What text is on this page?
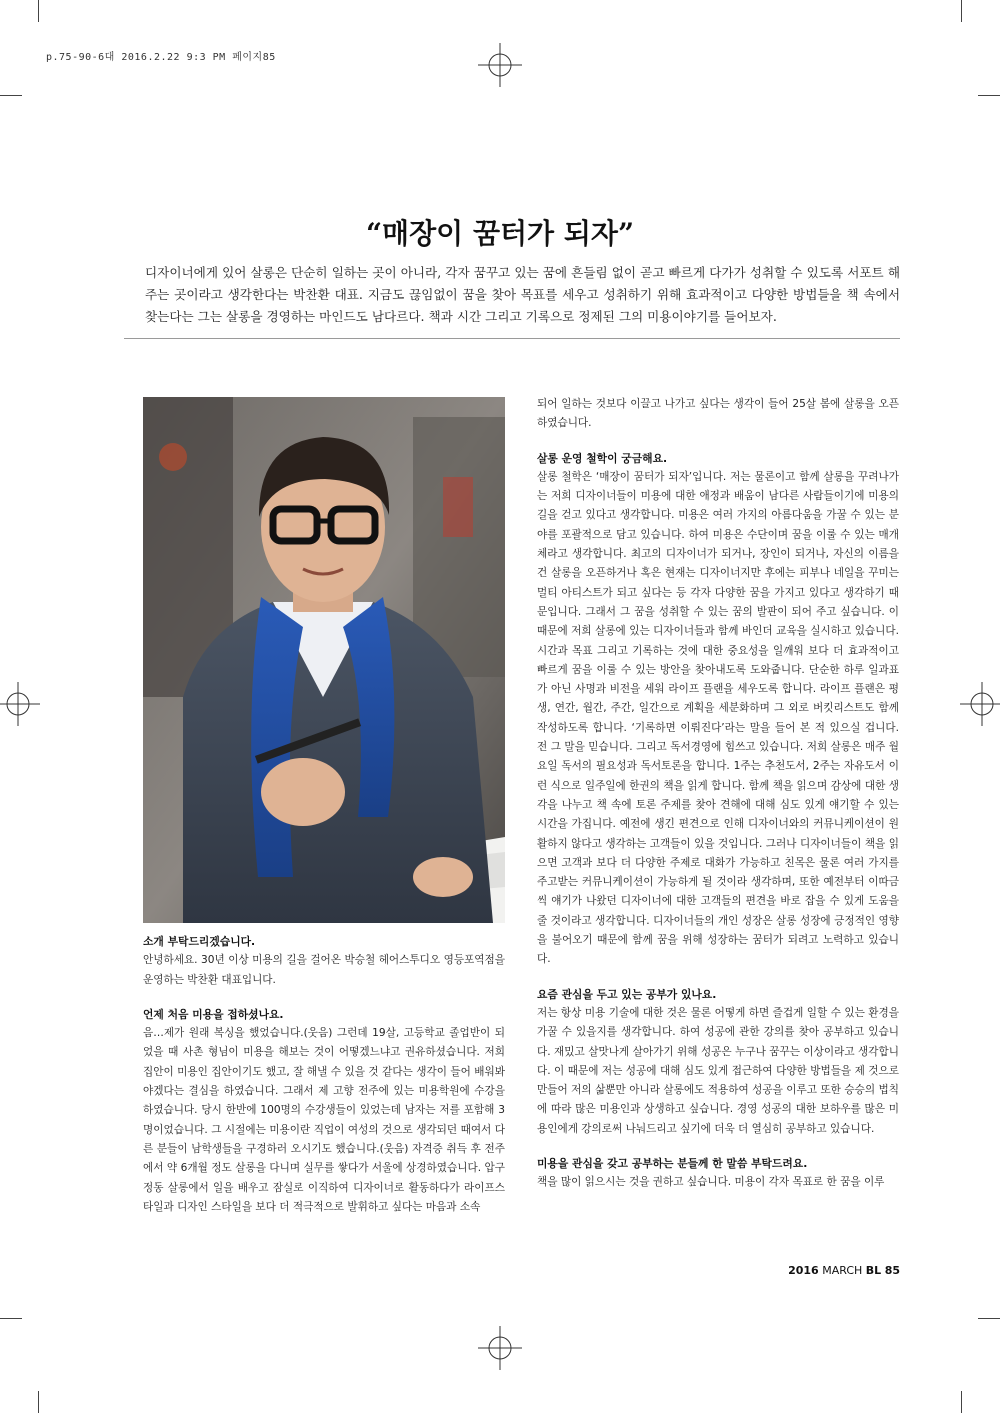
p.75-90-6대 2016.2.22 9:3 PM 페이지85
“매장이 꿈터가 되자”
디자이너에게 있어 살롱은 단순히 일하는 곳이 아니라, 각자 꿈꾸고 있는 꿈에 흔들림 없이 곧고 빠르게 다가가 성취할 수 있도록 서포트 해주는 곳이라고 생각한다는 박찬환 대표. 지금도 끊임없이 꿈을 찾아 목표를 세우고 성취하기 위해 효과적이고 다양한 방법들을 책 속에서 찾는다는 그는 살롱을 경영하는 마인드도 남다르다. 책과 시간 그리고 기록으로 정제된 그의 미용이야기를 들어보자.
소개 부탁드리겠습니다.

안녕하세요. 30년 이상 미용의 길을 걸어온 박승철 헤어스투디오 영등포역점을 운영하는 박찬환 대표입니다.

언제 처음 미용을 접하셨나요.

음…제가 원래 복싱을 했었습니다.(웃음) 그런데 19살, 고등학교 졸업반이 되었을 때 사촌 형님이 미용을 해보는 것이 어떻겠느냐고 권유하셨습니다. 저희 집안이 미용인 집안이기도 했고, 잘 해낼 수 있을 것 같다는 생각이 들어 배워봐야겠다는 결심을 하였습니다. 그래서 제 고향 전주에 있는 미용학원에 수강을 하였습니다. 당시 한반에 100명의 수강생들이 있었는데 남자는 저를 포함해 3명이었습니다. 그 시절에는 미용이란 직업이 여성의 것으로 생각되던 때여서 다른 분들이 남학생들을 구경하러 오시기도 했습니다.(웃음) 자격증 취득 후 전주에서 약 6개월 정도 살롱을 다니며 실무를 쌓다가 서울에 상경하였습니다. 압구정동 살롱에서 일을 배우고 잠실로 이직하여 디자이너로 활동하다가 라이프스타일과 디자인 스타일을 보다 더 적극적으로 발휘하고 싶다는 마음과 소속

되어 일하는 것보다 이끌고 나가고 싶다는 생각이 들어 25살 봄에 살롱을 오픈하였습니다.

살롱 운영 철학이 궁금해요.

살롱 철학은 ‘매장이 꿈터가 되자’입니다. 저는 물론이고 함께 살롱을 꾸려나가는 저희 디자이너들이 미용에 대한 애정과 배움이 남다른 사람들이기에 미용의 길을 걷고 있다고 생각합니다. 미용은 여러 가지의 아름다움을 가꿀 수 있는 분야를 포괄적으로 담고 있습니다. 하여 미용은 수단이며 꿈을 이룰 수 있는 매개체라고 생각합니다. 최고의 디자이너가 되거나, 장인이 되거나, 자신의 이름을 건 살롱을 오픈하거나 혹은 현재는 디자이너지만 후에는 피부나 네일을 꾸미는 멀티 아티스트가 되고 싶다는 등 각자 다양한 꿈을 가지고 있다고 생각하기 때문입니다. 그래서 그 꿈을 성취할 수 있는 꿈의 발판이 되어 주고 싶습니다. 이 때문에 저희 살롱에 있는 디자이너들과 함께 바인더 교육을 실시하고 있습니다. 시간과 목표 그리고 기록하는 것에 대한 중요성을 일깨워 보다 더 효과적이고 빠르게 꿈을 이룰 수 있는 방안을 찾아내도록 도와줍니다. 단순한 하루 일과표가 아닌 사명과 비전을 세워 라이프 플랜을 세우도록 합니다. 라이프 플랜은 평생, 연간, 월간, 주간, 일간으로 계획을 세분화하며 그 외로 버킷리스트도 함께 작성하도록 합니다. ‘기록하면 이뤄진다’라는 말을 들어 본 적 있으실 겁니다. 전 그 말을 믿습니다. 그리고 독서경영에 힘쓰고 있습니다. 저희 살롱은 매주 월요일 독서의 필요성과 독서토론을 합니다. 1주는 추천도서, 2주는 자유도서 이런 식으로 일주일에 한권의 책을 읽게 합니다. 함께 책을 읽으며 감상에 대한 생각을 나누고 책 속에 토론 주제를 찾아 견해에 대해 심도 있게 얘기할 수 있는 시간을 가집니다. 예전에 생긴 편견으로 인해 디자이너와의 커뮤니케이션이 원활하지 않다고 생각하는 고객들이 있을 것입니다. 그러나 디자이너들이 책을 읽으면 고객과 보다 더 다양한 주제로 대화가 가능하고 친목은 물론 여러 가지를 주고받는 커뮤니케이션이 가능하게 될 것이라 생각하며, 또한 예전부터 이따금씩 얘기가 나왔던 디자이너에 대한 고객들의 편견을 바로 잡을 수 있게 도움을 줄 것이라고 생각합니다. 디자이너들의 개인 성장은 살롱 성장에 긍정적인 영향을 불어오기 때문에 함께 꿈을 위해 성장하는 꿈터가 되려고 노력하고 있습니다.

요즘 관심을 두고 있는 공부가 있나요.

저는 항상 미용 기술에 대한 것은 물론 어떻게 하면 즐겁게 일할 수 있는 환경을 가꿀 수 있을지를 생각합니다. 하여 성공에 관한 강의를 찾아 공부하고 있습니다. 재밌고 살맛나게 살아가기 위해 성공은 누구나 꿈꾸는 이상이라고 생각합니다. 이 때문에 저는 성공에 대해 심도 있게 접근하여 다양한 방법들을 제 것으로 만들어 저의 삶뿐만 아니라 살롱에도 적용하여 성공을 이루고 또한 승승의 법칙에 따라 많은 미용인과 상생하고 싶습니다. 경영 성공의 대한 보하우를 많은 미용인에게 강의로써 나눠드리고 싶기에 더욱 더 열심히 공부하고 있습니다.

미용을 관심을 갖고 공부하는 분들께 한 말씀 부탁드려요.

책을 많이 읽으시는 것을 권하고 싶습니다. 미용이 각자 목표로 한 꿈을 이루

2016 MARCH BL 85
